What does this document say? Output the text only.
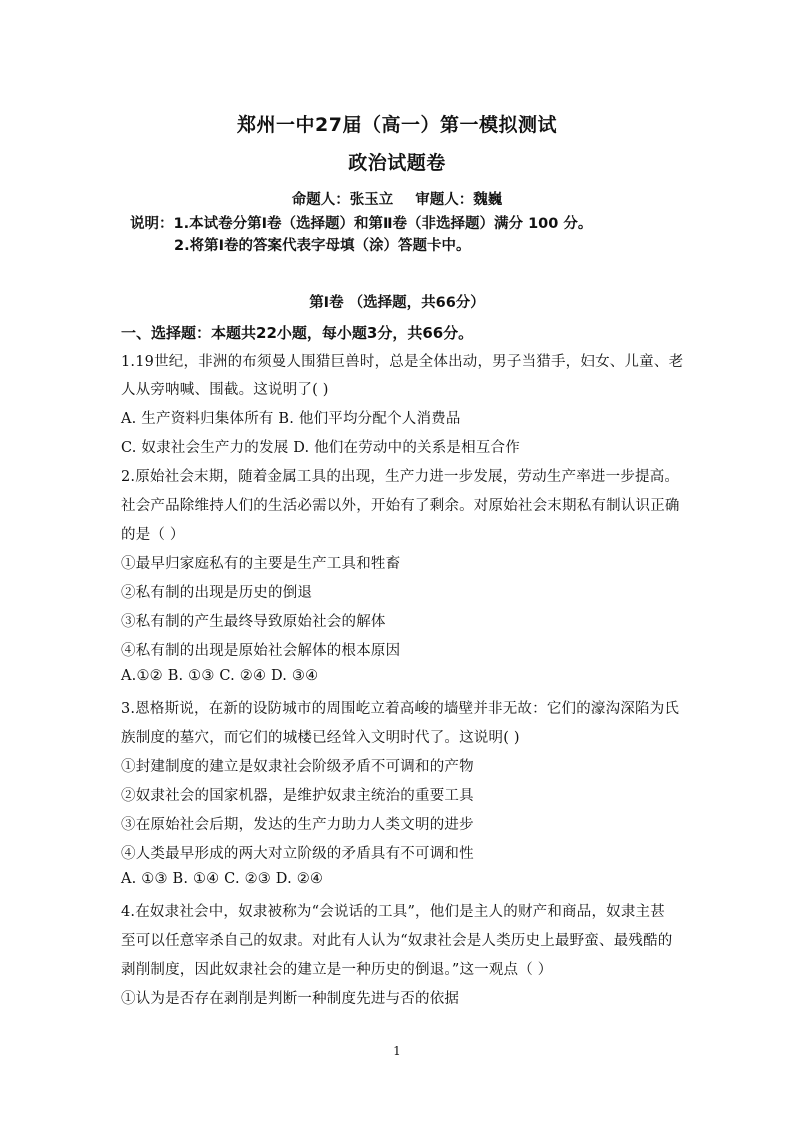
郑州一中27届（高一）第一模拟测试
政治试题卷
命题人：张玉立 审题人：魏巍
说明：1.本试卷分第Ⅰ卷（选择题）和第Ⅱ卷（非选择题）满分 100 分。
2.将第Ⅰ卷的答案代表字母填（涂）答题卡中。
第Ⅰ卷 （选择题，共66分）
一、选择题：本题共22小题，每小题3分，共66分。
1.19世纪，非洲的布须曼人围猎巨兽时，总是全体出动，男子当猎手，妇女、儿童、老
人从旁呐喊、围截。这说明了( )
A. 生产资料归集体所有 B. 他们平均分配个人消费品
C. 奴隶社会生产力的发展 D. 他们在劳动中的关系是相互合作
2.原始社会末期，随着金属工具的出现，生产力进一步发展，劳动生产率进一步提高。
社会产品除维持人们的生活必需以外，开始有了剩余。对原始社会末期私有制认识正确
的是（ ）
①最早归家庭私有的主要是生产工具和牲畜
②私有制的出现是历史的倒退
③私有制的产生最终导致原始社会的解体
④私有制的出现是原始社会解体的根本原因
A.①② B. ①③ C. ②④ D. ③④
3.恩格斯说，在新的设防城市的周围屹立着高峻的墙壁并非无故：它们的濠沟深陷为氏
族制度的墓穴，而它们的城楼已经耸入文明时代了。这说明( )
①封建制度的建立是奴隶社会阶级矛盾不可调和的产物
②奴隶社会的国家机器，是维护奴隶主统治的重要工具
③在原始社会后期，发达的生产力助力人类文明的进步
④人类最早形成的两大对立阶级的矛盾具有不可调和性
A. ①③ B. ①④ C. ②③ D. ②④
4.在奴隶社会中，奴隶被称为“会说话的工具”，他们是主人的财产和商品，奴隶主甚
至可以任意宰杀自己的奴隶。对此有人认为“奴隶社会是人类历史上最野蛮、最残酷的
剥削制度，因此奴隶社会的建立是一种历史的倒退。”这一观点（ ）
①认为是否存在剥削是判断一种制度先进与否的依据
1
